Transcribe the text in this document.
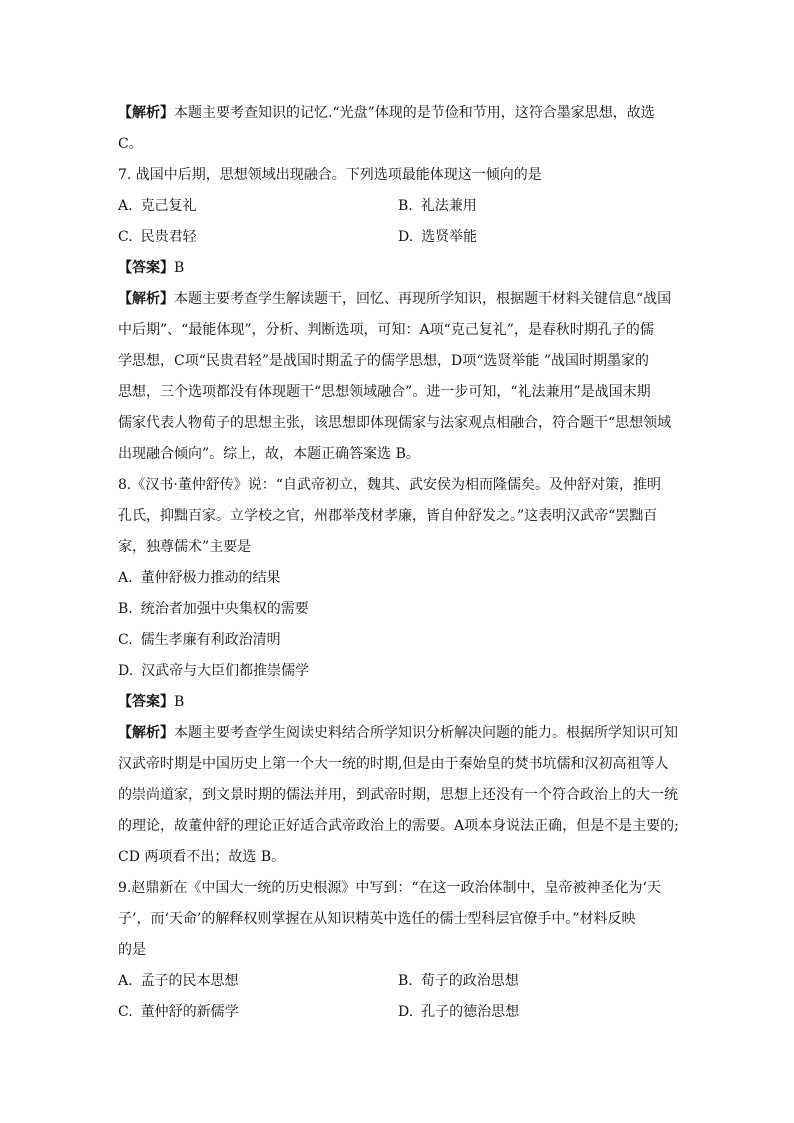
【解析】本题主要考查知识的记忆.“光盘”体现的是节俭和节用，这符合墨家思想，故选
C。
7. 战国中后期，思想领域出现融合。下列选项最能体现这一倾向的是
A. 克己复礼	B. 礼法兼用
C. 民贵君轻	D. 选贤举能
【答案】B
【解析】本题主要考查学生解读题干，回忆、再现所学知识，根据题干材料关键信息“战国
中后期”、“最能体现”，分析、判断选项，可知：A项“克己复礼”，是春秋时期孔子的儒
学思想，C项“民贵君轻”是战国时期孟子的儒学思想，D项“选贤举能 ”战国时期墨家的
思想，三个选项都没有体现题干“思想领域融合”。进一步可知，“礼法兼用”是战国末期
儒家代表人物荀子的思想主张，该思想即体现儒家与法家观点相融合，符合题干“思想领域
出现融合倾向”。综上，故，本题正确答案选 B。
8.《汉书·董仲舒传》说：“自武帝初立，魏其、武安侯为相而隆儒矣。及仲舒对策，推明
孔氏，抑黜百家。立学校之官，州郡举茂材孝廉，皆自仲舒发之。”这表明汉武帝“罢黜百
家，独尊儒术”主要是
A. 董仲舒极力推动的结果
B. 统治者加强中央集权的需要
C. 儒生孝廉有利政治清明
D. 汉武帝与大臣们都推崇儒学
【答案】B
【解析】本题主要考查学生阅读史料结合所学知识分析解决问题的能力。根据所学知识可知
汉武帝时期是中国历史上第一个大一统的时期,但是由于秦始皇的焚书坑儒和汉初高祖等人
的崇尚道家，到文景时期的儒法并用，到武帝时期，思想上还没有一个符合政治上的大一统
的理论，故董仲舒的理论正好适合武帝政治上的需要。A项本身说法正确，但是不是主要的;
CD 两项看不出；故选 B。
9.赵鼎新在《中国大一统的历史根源》中写到：“在这一政治体制中，皇帝被神圣化为‘天
子’，而‘天命’的解释权则掌握在从知识精英中选任的儒士型科层官僚手中。”材料反映
的是
A. 孟子的民本思想	B. 荀子的政治思想
C. 董仲舒的新儒学	D. 孔子的德治思想
